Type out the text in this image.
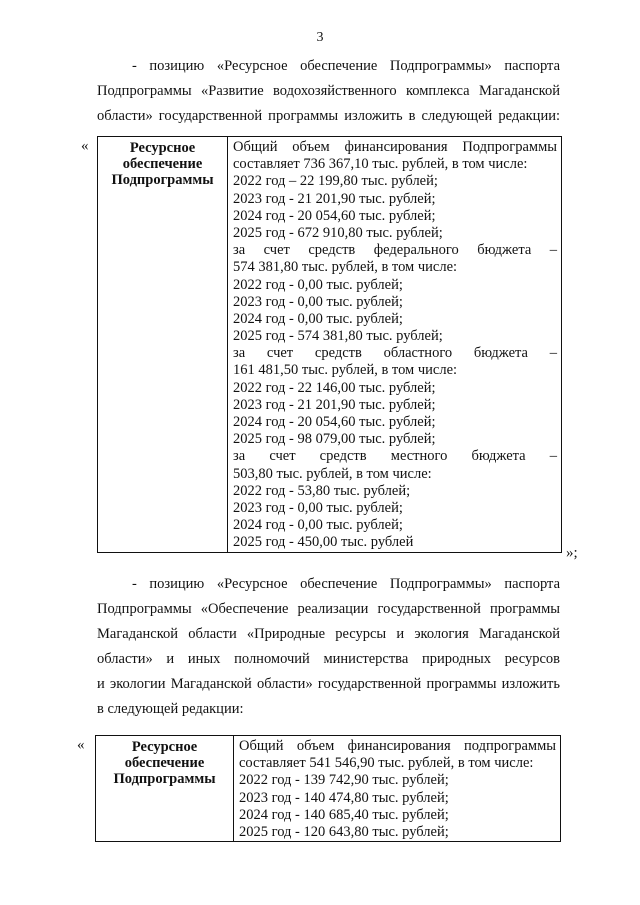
3
- позицию «Ресурсное обеспечение Подпрограммы» паспорта
Подпрограммы «Развитие водохозяйственного комплекса Магаданской
области» государственной программы изложить в следующей редакции:
«	Ресурсное
обеспечение
Подпрограммы

Общий объем финансирования Подпрограммы
составляет 736 367,10 тыс. рублей, в том числе:
2022 год – 22 199,80 тыс. рублей;
2023 год - 21 201,90 тыс. рублей;
2024 год - 20 054,60 тыс. рублей;
2025 год - 672 910,80 тыс. рублей;
за счет средств федерального бюджета –
574 381,80 тыс. рублей, в том числе:
2022 год - 0,00 тыс. рублей;
2023 год - 0,00 тыс. рублей;
2024 год - 0,00 тыс. рублей;
2025 год - 574 381,80 тыс. рублей;
за счет средств областного бюджета –
161 481,50 тыс. рублей, в том числе:
2022 год - 22 146,00 тыс. рублей;
2023 год - 21 201,90 тыс. рублей;
2024 год - 20 054,60 тыс. рублей;
2025 год - 98 079,00 тыс. рублей;
за счет средств местного бюджета –
503,80 тыс. рублей, в том числе:
2022 год - 53,80 тыс. рублей;
2023 год - 0,00 тыс. рублей;
2024 год - 0,00 тыс. рублей;
2025 год - 450,00 тыс. рублей
»;
- позицию «Ресурсное обеспечение Подпрограммы» паспорта
Подпрограммы «Обеспечение реализации государственной программы
Магаданской области «Природные ресурсы и экология Магаданской
области» и иных полномочий министерства природных ресурсов
и экологии Магаданской области» государственной программы изложить
в следующей редакции:
«	Ресурсное
обеспечение
Подпрограммы

Общий объем финансирования подпрограммы
составляет 541 546,90 тыс. рублей, в том числе:
2022 год - 139 742,90 тыс. рублей;
2023 год - 140 474,80 тыс. рублей;
2024 год - 140 685,40 тыс. рублей;
2025 год - 120 643,80 тыс. рублей;
